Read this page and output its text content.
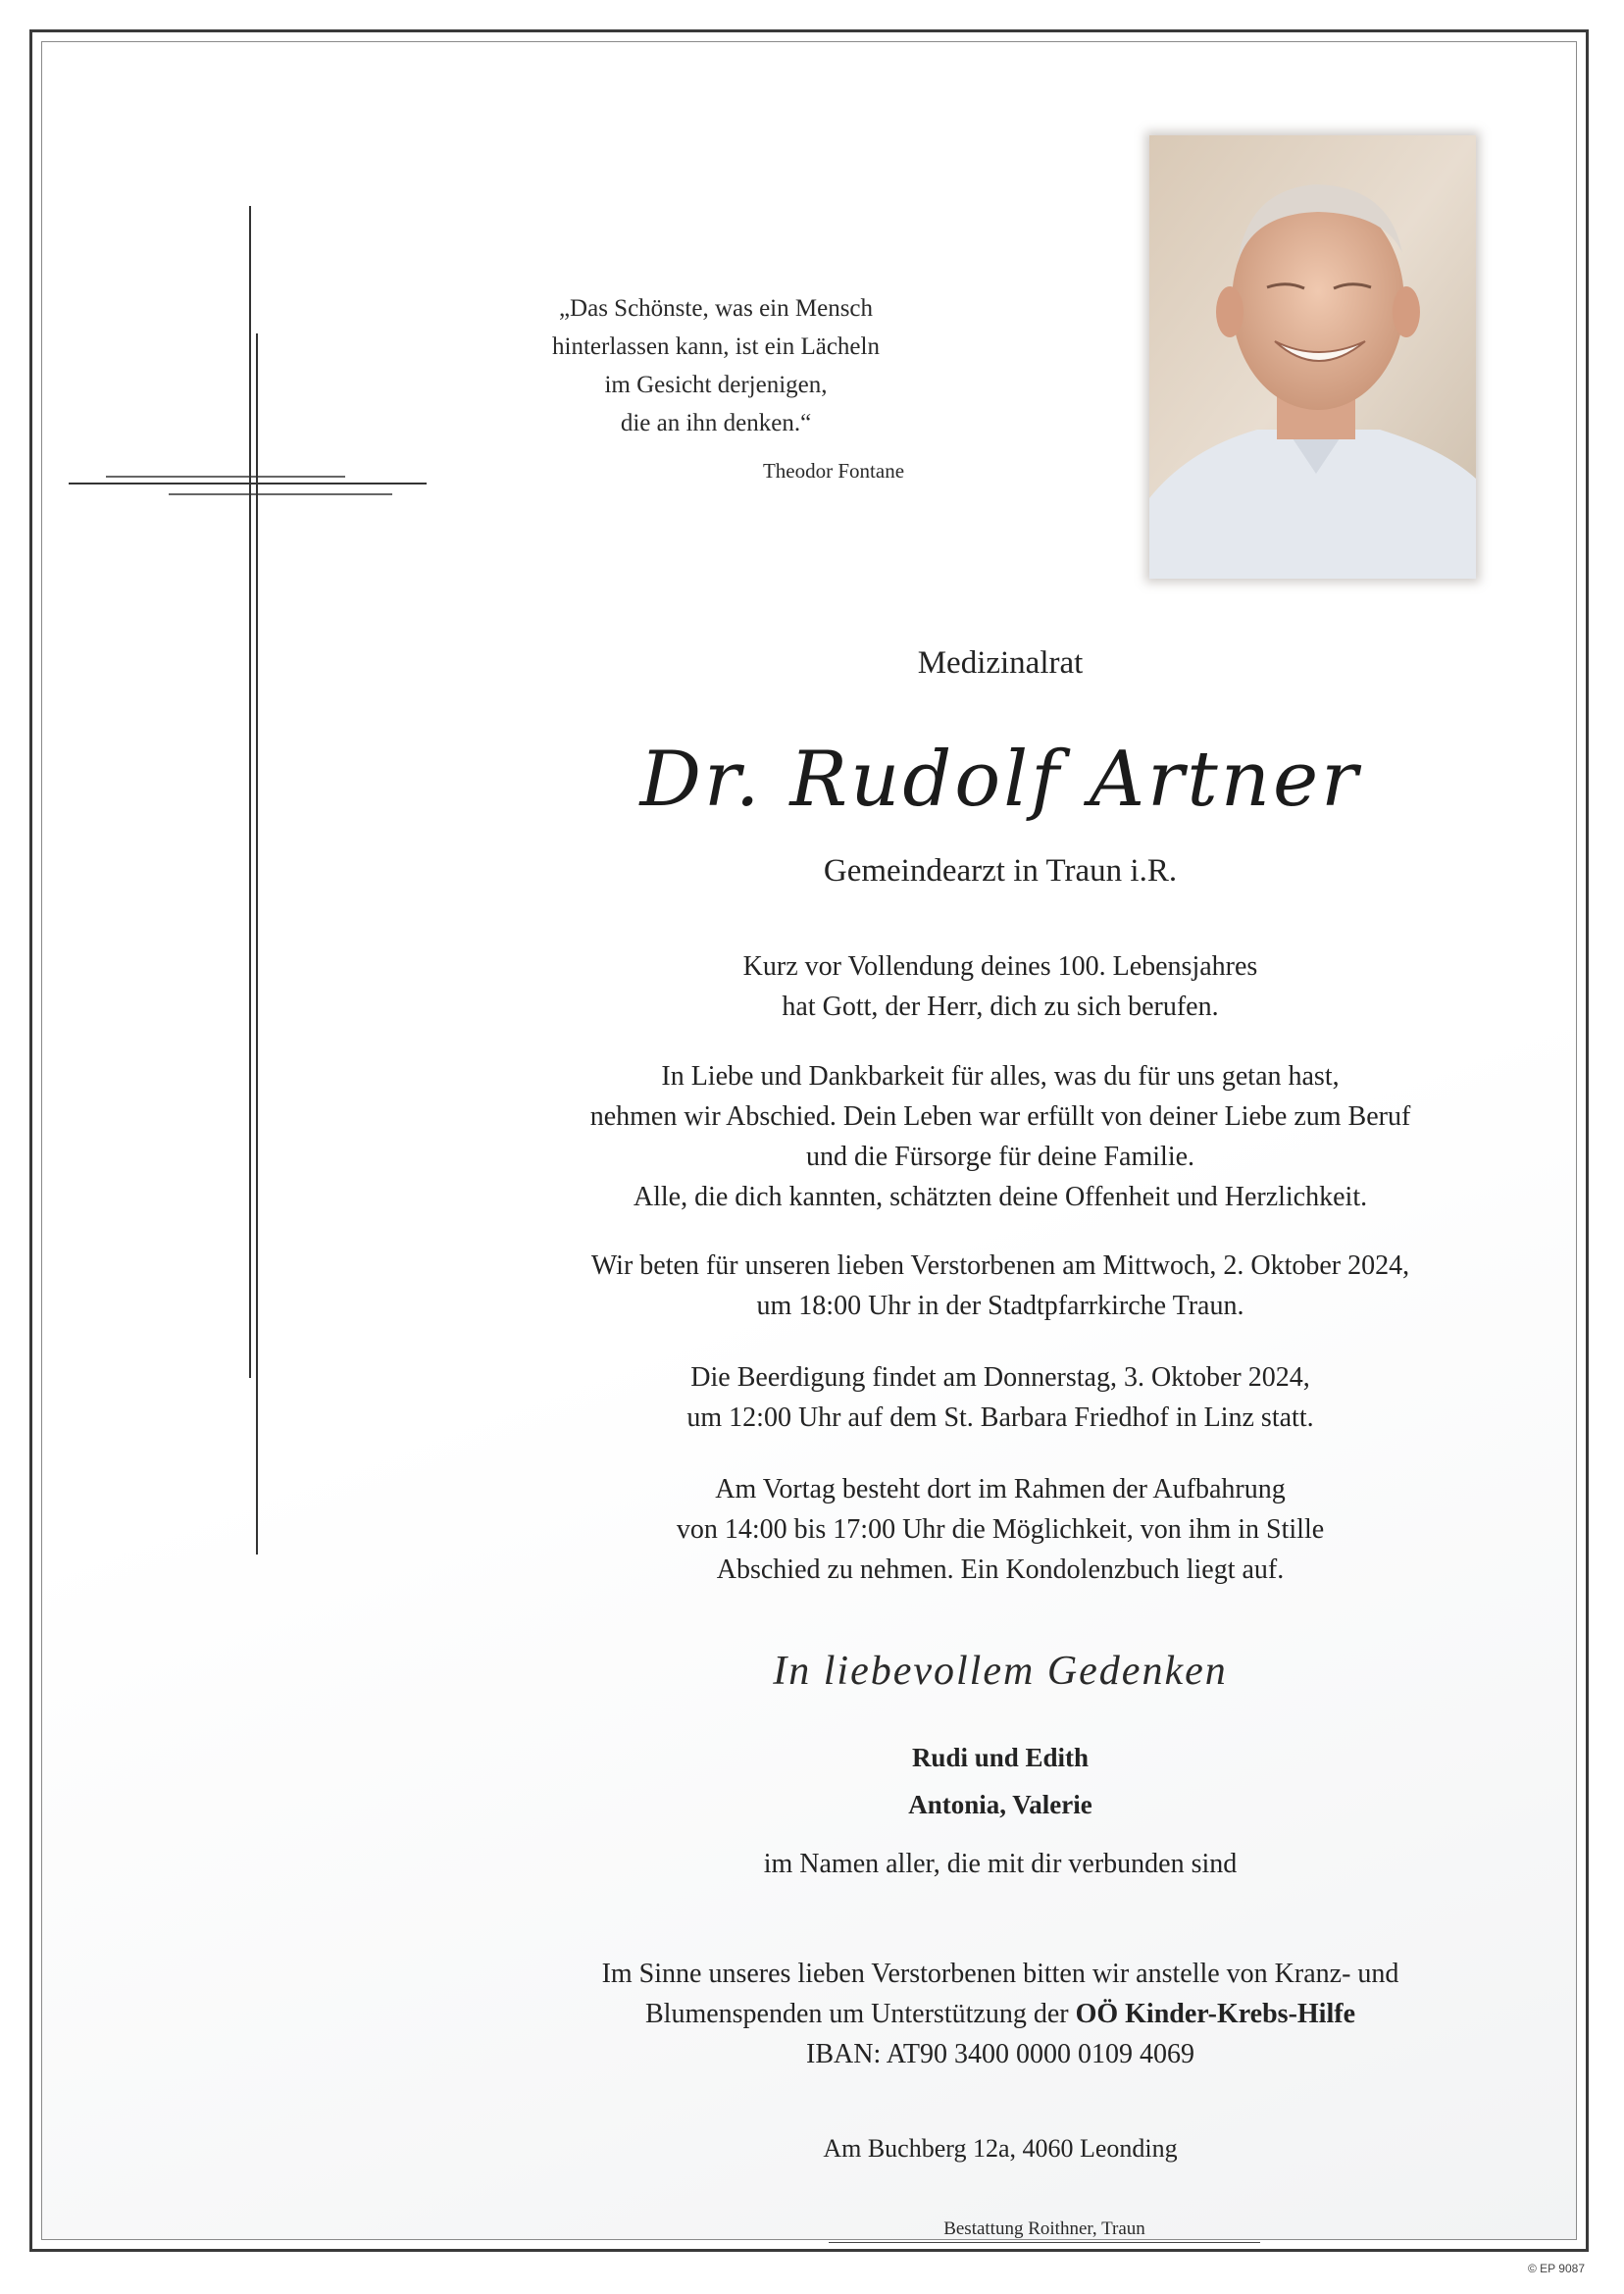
„Das Schönste, was ein Mensch
hinterlassen kann, ist ein Lächeln
im Gesicht derjenigen,
die an ihn denken.“
Theodor Fontane
Medizinalrat
Dr. Rudolf Artner
Gemeindearzt in Traun i.R.
Kurz vor Vollendung deines 100. Lebensjahres
hat Gott, der Herr, dich zu sich berufen.
In Liebe und Dankbarkeit für alles, was du für uns getan hast,
nehmen wir Abschied. Dein Leben war erfüllt von deiner Liebe zum Beruf
und die Fürsorge für deine Familie.
Alle, die dich kannten, schätzten deine Offenheit und Herzlichkeit.
Wir beten für unseren lieben Verstorbenen am Mittwoch, 2. Oktober 2024,
um 18:00 Uhr in der Stadtpfarrkirche Traun.
Die Beerdigung findet am Donnerstag, 3. Oktober 2024,
um 12:00 Uhr auf dem St. Barbara Friedhof in Linz statt.
Am Vortag besteht dort im Rahmen der Aufbahrung
von 14:00 bis 17:00 Uhr die Möglichkeit, von ihm in Stille
Abschied zu nehmen. Ein Kondolenzbuch liegt auf.
In liebevollem Gedenken
Rudi und Edith
Antonia, Valerie
im Namen aller, die mit dir verbunden sind
Im Sinne unseres lieben Verstorbenen bitten wir anstelle von Kranz- und
Blumenspenden um Unterstützung der OÖ Kinder-Krebs-Hilfe
IBAN: AT90 3400 0000 0109 4069
Am Buchberg 12a, 4060 Leonding
Bestattung Roithner, Traun
© EP 9087
